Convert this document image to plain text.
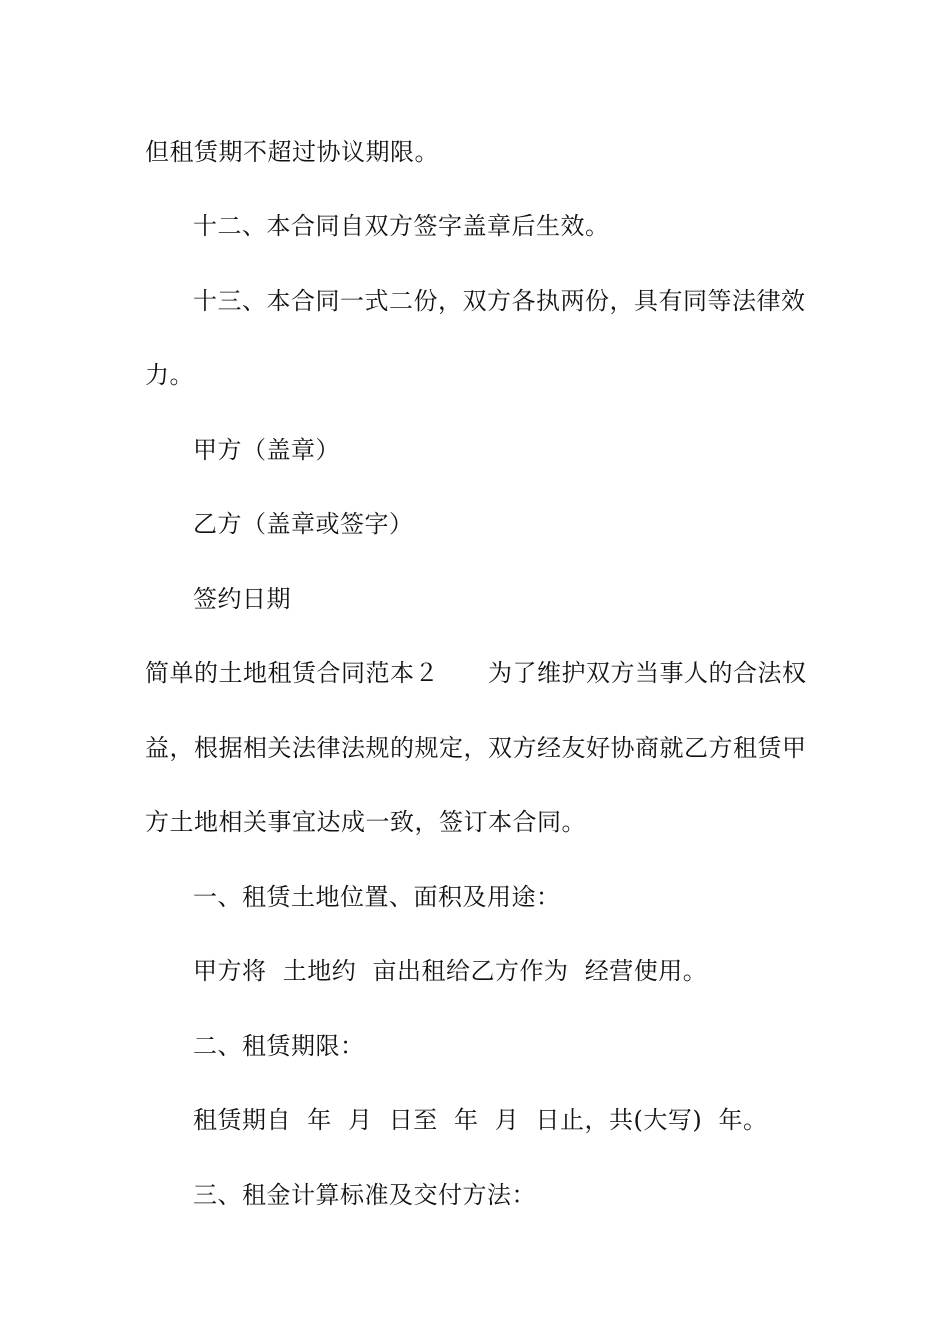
但租赁期不超过协议期限。
十二、本合同自双方签字盖章后生效。
十三、本合同一式二份，双方各执两份，具有同等法律效
力。
甲方（盖章）
乙方（盖章或签字）
签约日期
简单的土地租赁合同范本２　　为了维护双方当事人的合法权
益，根据相关法律法规的规定，双方经友好协商就乙方租赁甲
方土地相关事宜达成一致，签订本合同。
一、租赁土地位置、面积及用途：
甲方将  土地约  亩出租给乙方作为  经营使用。
二、租赁期限：
租赁期自  年  月  日至  年  月  日止，共(大写)  年。
三、租金计算标准及交付方法：
